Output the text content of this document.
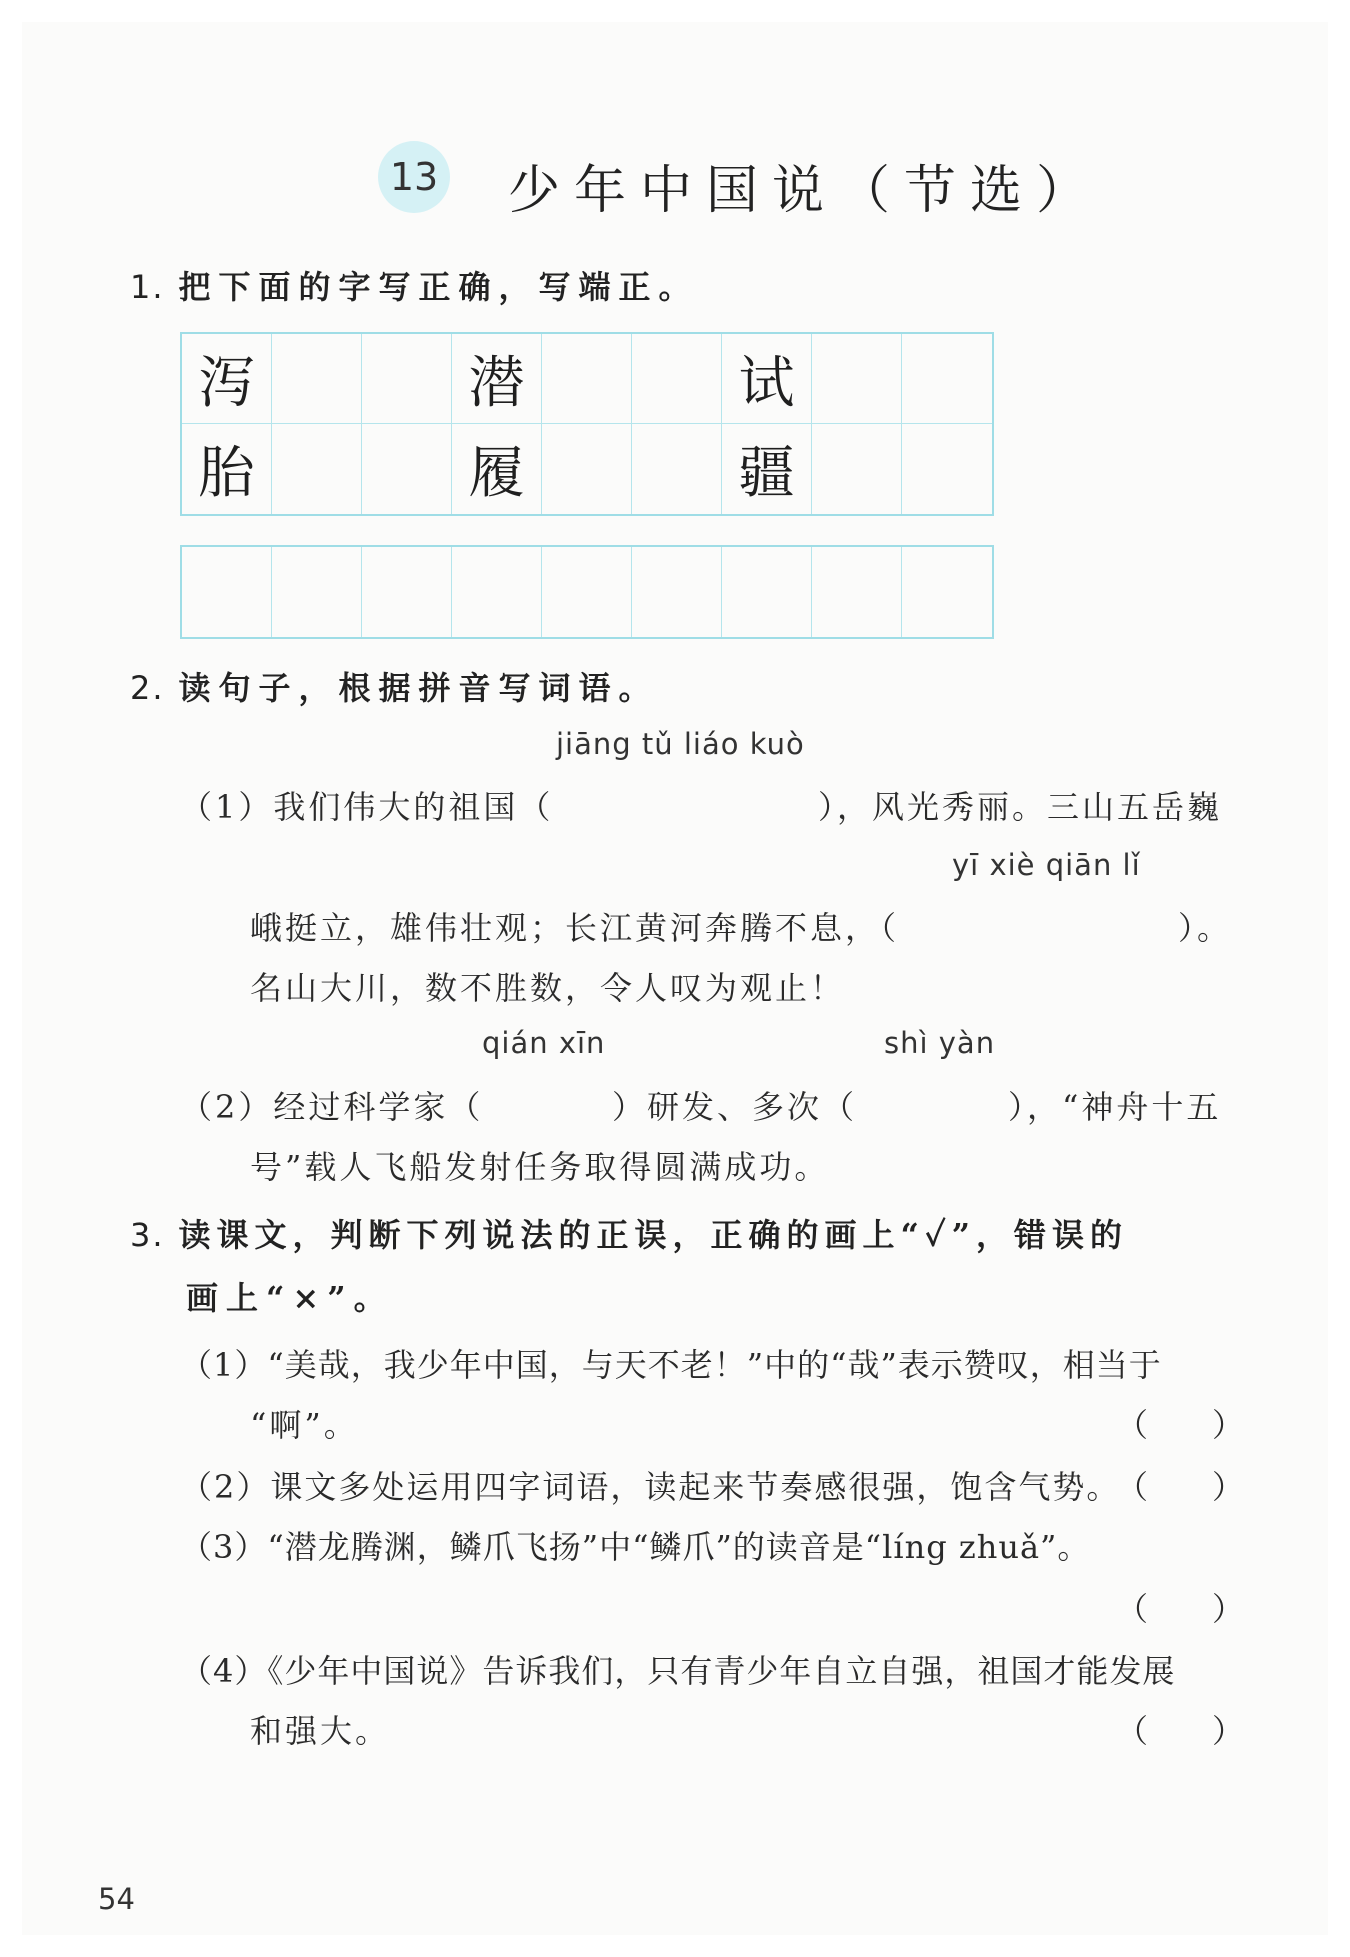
13 少年中国说（节选）
1. 把下面的字写正确，写端正。
泻	潜	试
胎	履	疆
2. 读句子，根据拼音写词语。
jiāng tǔ liáo kuò
（1）我们伟大的祖国（	），风光秀丽。三山五岳巍
yī xiè qiān lǐ
峨挺立，雄伟壮观；长江黄河奔腾不息，（	）。
名山大川，数不胜数，令人叹为观止！
qián xīn	shì yàn
（2）经过科学家（	）研发、多次（	），“神舟十五
号”载人飞船发射任务取得圆满成功。
3. 读课文，判断下列说法的正误，正确的画上“✓”，错误的
画上“×”。
（1）“美哉，我少年中国，与天不老！”中的“哉”表示赞叹，相当于
“啊”。	（　　）
（2）课文多处运用四字词语，读起来节奏感很强，饱含气势。
（　　）
（3）“潜龙腾渊，鳞爪飞扬”中“鳞爪”的读音是“líng zhuǎ”。
（　　）
（4）《少年中国说》告诉我们，只有青少年自立自强，祖国才能发展
和强大。	（　　）
54
